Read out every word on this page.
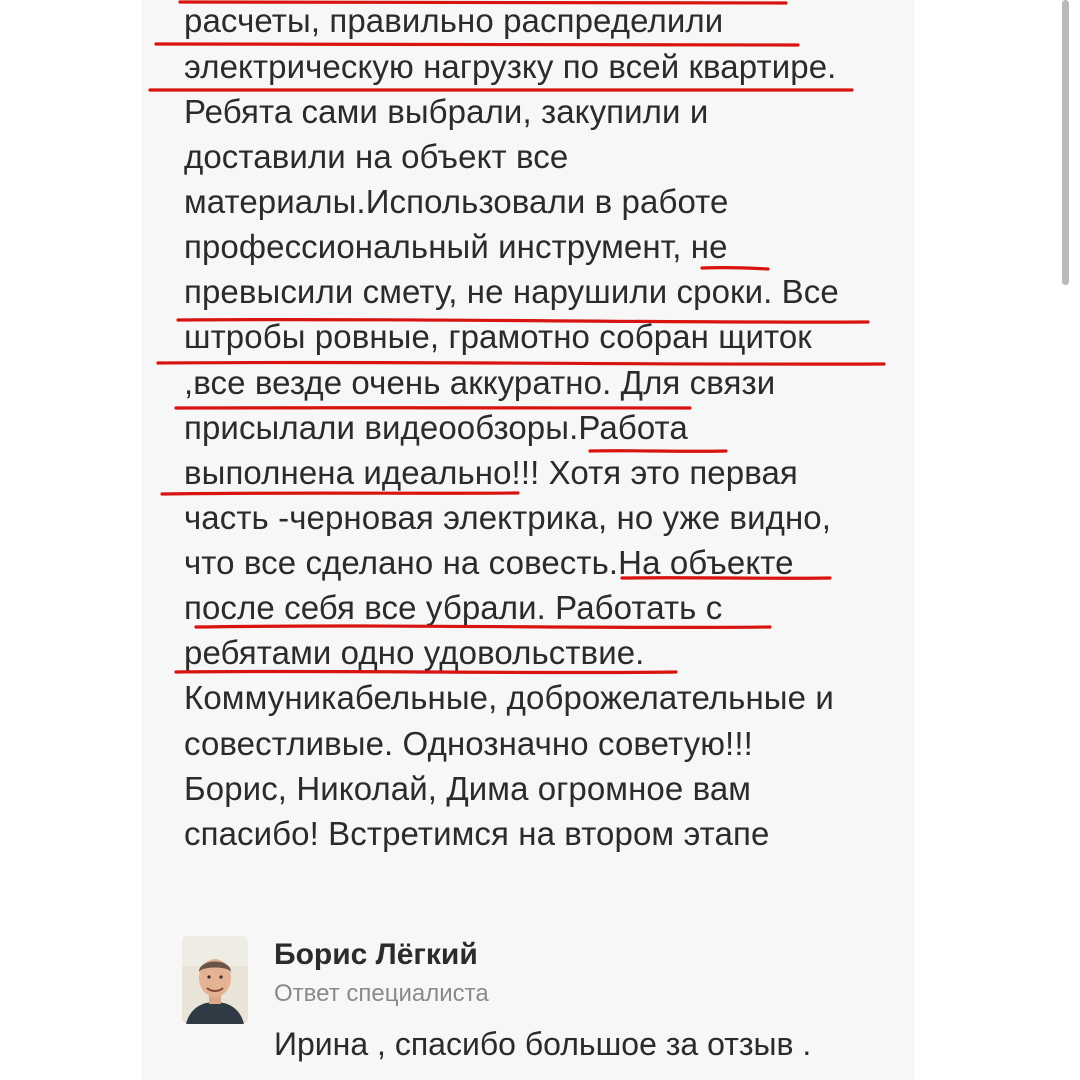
расчеты, правильно распределили
электрическую нагрузку по всей квартире.
Ребята сами выбрали, закупили и
доставили на объект все
материалы.Использовали в работе
профессиональный инструмент, не
превысили смету, не нарушили сроки. Все
штробы ровные, грамотно собран щиток
,все везде очень аккуратно. Для связи
присылали видеообзоры.Работа
выполнена идеально!!! Хотя это первая
часть -черновая электрика, но уже видно,
что все сделано на совесть.На объекте
после себя все убрали. Работать с
ребятами одно удовольствие.
Коммуникабельные, доброжелательные и
совестливые. Однозначно советую!!!
Борис, Николай, Дима огромное вам
спасибо! Встретимся на втором этапе
Борис Лёгкий
Ответ специалиста
Ирина , спасибо большое за отзыв .
